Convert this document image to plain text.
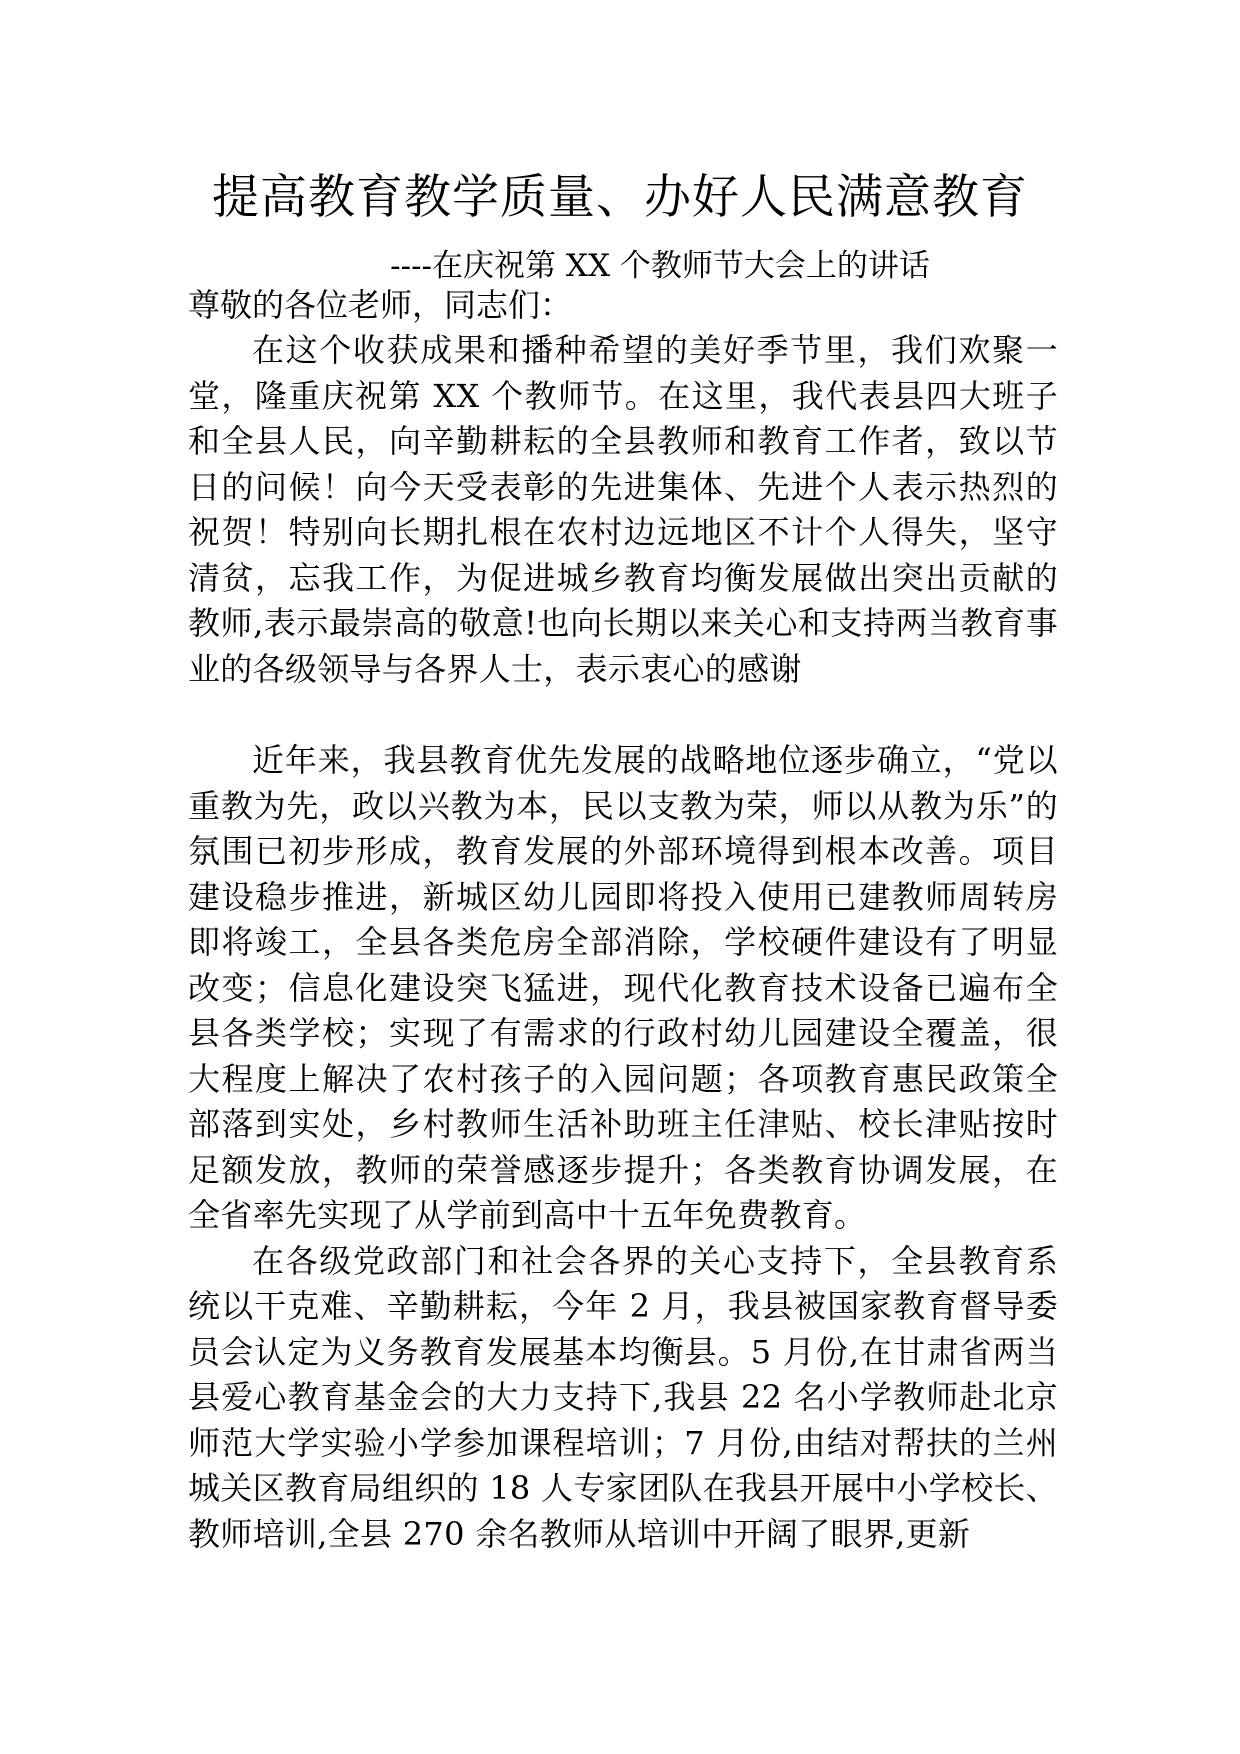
提高教育教学质量、办好人民满意教育
----在庆祝第 XX 个教师节大会上的讲话

尊敬的各位老师，同志们：

在这个收获成果和播种希望的美好季节里，我们欢聚一堂，隆重庆祝第 XX 个教师节。在这里，我代表县四大班子和全县人民，向辛勤耕耘的全县教师和教育工作者，致以节日的问候！向今天受表彰的先进集体、先进个人表示热烈的祝贺！特别向长期扎根在农村边远地区不计个人得失，坚守清贫，忘我工作，为促进城乡教育均衡发展做出突出贡献的教师,表示最崇高的敬意!也向长期以来关心和支持两当教育事业的各级领导与各界人士，表示衷心的感谢

近年来，我县教育优先发展的战略地位逐步确立，“党以重教为先，政以兴教为本，民以支教为荣，师以从教为乐”的氛围已初步形成，教育发展的外部环境得到根本改善。项目建设稳步推进，新城区幼儿园即将投入使用已建教师周转房即将竣工，全县各类危房全部消除，学校硬件建设有了明显改变；信息化建设突飞猛进，现代化教育技术设备已遍布全县各类学校；实现了有需求的行政村幼儿园建设全覆盖，很大程度上解决了农村孩子的入园问题；各项教育惠民政策全部落到实处，乡村教师生活补助班主任津贴、校长津贴按时足额发放，教师的荣誉感逐步提升；各类教育协调发展，在全省率先实现了从学前到高中十五年免费教育。

在各级党政部门和社会各界的关心支持下，全县教育系统以干克难、辛勤耕耘，今年 2 月，我县被国家教育督导委员会认定为义务教育发展基本均衡县。5 月份,在甘肃省两当县爱心教育基金会的大力支持下,我县 22 名小学教师赴北京师范大学实验小学参加课程培训；7 月份,由结对帮扶的兰州城关区教育局组织的 18 人专家团队在我县开展中小学校长、教师培训,全县 270 余名教师从培训中开阔了眼界,更新
